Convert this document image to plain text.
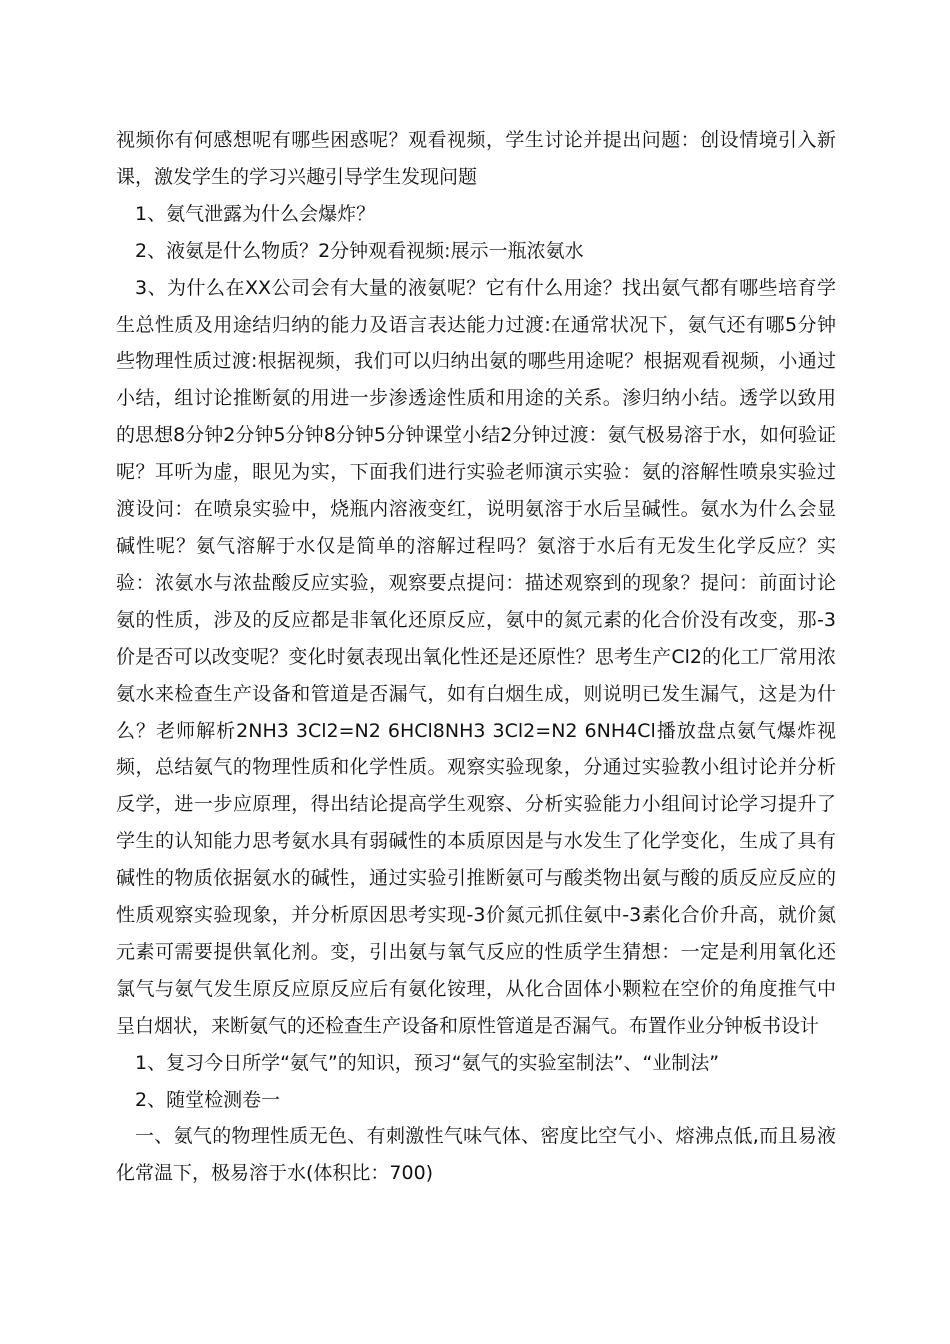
视频你有何感想呢有哪些困惑呢？观看视频，学生讨论并提出问题：创设情境引入新课，激发学生的学习兴趣引导学生发现问题

1、氨气泄露为什么会爆炸？

2、液氨是什么物质？2分钟观看视频:展示一瓶浓氨水

3、为什么在XX公司会有大量的液氨呢？它有什么用途？找出氨气都有哪些培育学生总性质及用途结归纳的能力及语言表达能力过渡:在通常状况下，氨气还有哪5分钟些物理性质过渡:根据视频，我们可以归纳出氨的哪些用途呢？根据观看视频，小通过小结，组讨论推断氨的用进一步渗透途性质和用途的关系。渗归纳小结。透学以致用的思想8分钟2分钟5分钟8分钟5分钟课堂小结2分钟过渡：氨气极易溶于水，如何验证呢？耳听为虚，眼见为实，下面我们进行实验老师演示实验：氨的溶解性喷泉实验过渡设问：在喷泉实验中，烧瓶内溶液变红，说明氨溶于水后呈碱性。氨水为什么会显碱性呢？氨气溶解于水仅是简单的溶解过程吗？氨溶于水后有无发生化学反应？实验：浓氨水与浓盐酸反应实验，观察要点提问：描述观察到的现象？提问：前面讨论氨的性质，涉及的反应都是非氧化还原反应，氨中的氮元素的化合价没有改变，那-3价是否可以改变呢？变化时氨表现出氧化性还是还原性？思考生产Cl2的化工厂常用浓氨水来检查生产设备和管道是否漏气，如有白烟生成，则说明已发生漏气，这是为什么？老师解析2NH3 3Cl2=N2 6HCl8NH3 3Cl2=N2 6NH4Cl播放盘点氨气爆炸视频，总结氨气的物理性质和化学性质。观察实验现象，分通过实验教小组讨论并分析反学，进一步应原理，得出结论提高学生观察、分析实验能力小组间讨论学习提升了学生的认知能力思考氨水具有弱碱性的本质原因是与水发生了化学变化，生成了具有碱性的物质依据氨水的碱性，通过实验引推断氨可与酸类物出氨与酸的质反应反应的性质观察实验现象，并分析原因思考实现-3价氮元抓住氨中-3素化合价升高，就价氮元素可需要提供氧化剂。变，引出氨与氧气反应的性质学生猜想：一定是利用氧化还氯气与氨气发生原反应原反应后有氨化铵理，从化合固体小颗粒在空价的角度推气中呈白烟状，来断氨气的还检查生产设备和原性管道是否漏气。布置作业分钟板书设计

1、复习今日所学“氨气”的知识，预习“氨气的实验室制法”、“业制法”

2、随堂检测卷一

一、氨气的物理性质无色、有刺激性气味气体、密度比空气小、熔沸点低,而且易液化常温下，极易溶于水(体积比：700)
